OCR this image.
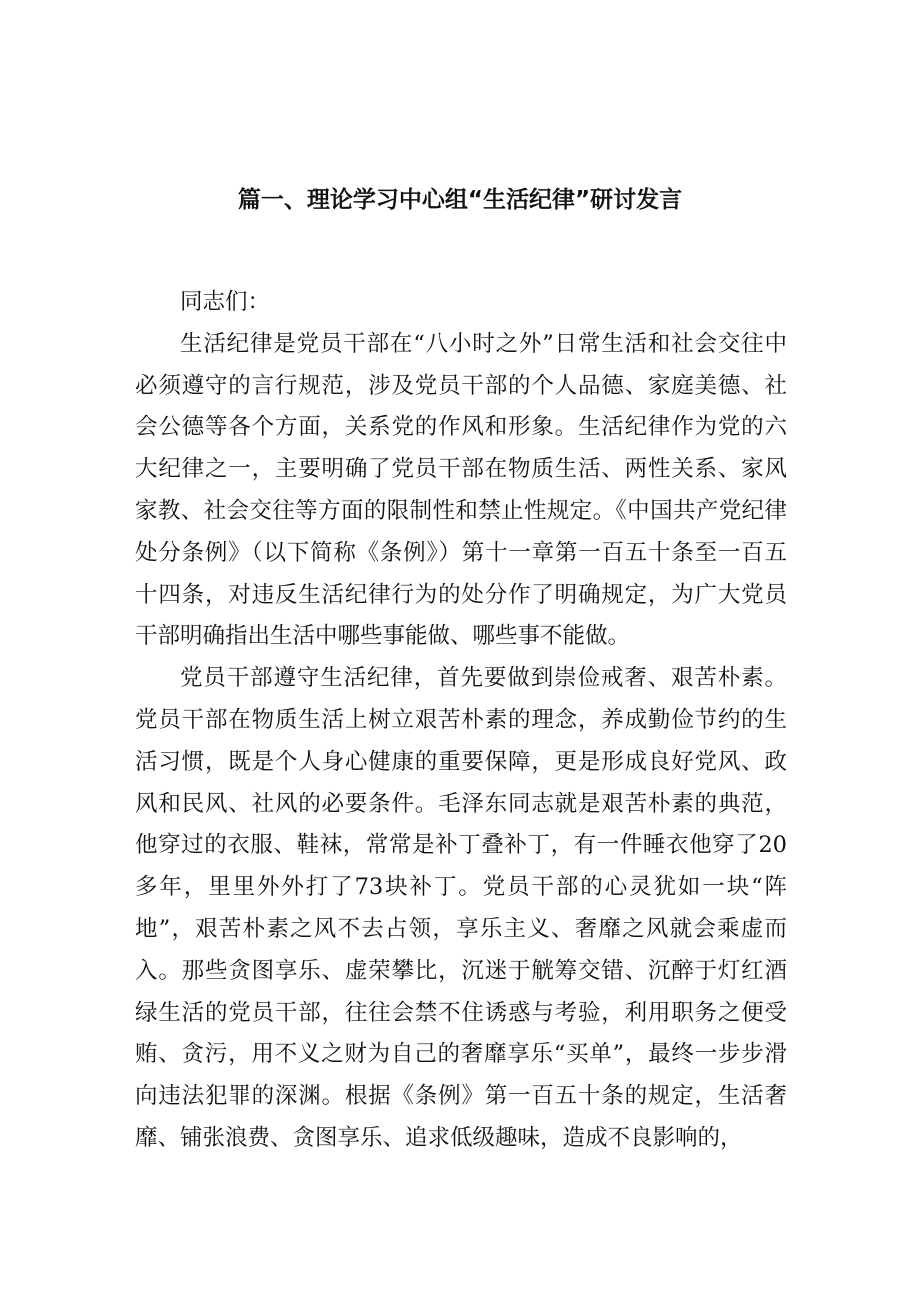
篇一、理论学习中心组“生活纪律”研讨发言

同志们：

生活纪律是党员干部在“八小时之外”日常生活和社会交往中必须遵守的言行规范，涉及党员干部的个人品德、家庭美德、社会公德等各个方面，关系党的作风和形象。生活纪律作为党的六大纪律之一，主要明确了党员干部在物质生活、两性关系、家风家教、社会交往等方面的限制性和禁止性规定。《中国共产党纪律处分条例》（以下简称《条例》）第十一章第一百五十条至一百五十四条，对违反生活纪律行为的处分作了明确规定，为广大党员干部明确指出生活中哪些事能做、哪些事不能做。

党员干部遵守生活纪律，首先要做到崇俭戒奢、艰苦朴素。党员干部在物质生活上树立艰苦朴素的理念，养成勤俭节约的生活习惯，既是个人身心健康的重要保障，更是形成良好党风、政风和民风、社风的必要条件。毛泽东同志就是艰苦朴素的典范，他穿过的衣服、鞋袜，常常是补丁叠补丁，有一件睡衣他穿了20多年，里里外外打了73块补丁。党员干部的心灵犹如一块“阵地”，艰苦朴素之风不去占领，享乐主义、奢靡之风就会乘虚而入。那些贪图享乐、虚荣攀比，沉迷于觥筹交错、沉醉于灯红酒绿生活的党员干部，往往会禁不住诱惑与考验，利用职务之便受贿、贪污，用不义之财为自己的奢靡享乐“买单”，最终一步步滑向违法犯罪的深渊。根据《条例》第一百五十条的规定，生活奢靡、铺张浪费、贪图享乐、追求低级趣味，造成不良影响的，
